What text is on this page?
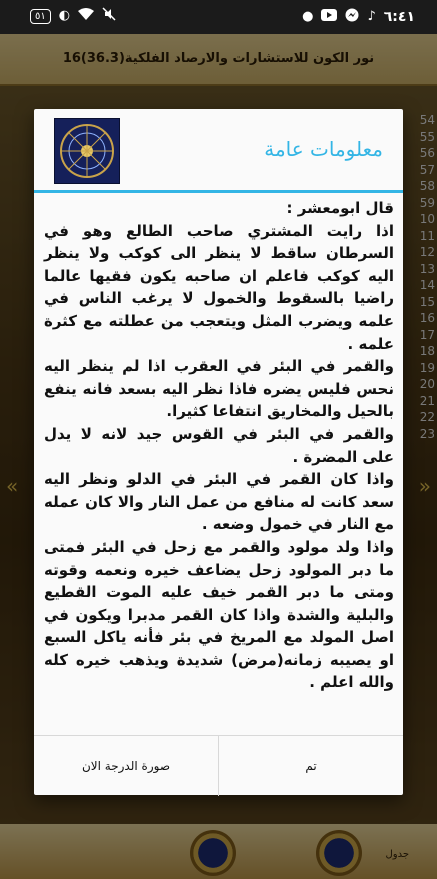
٥١	◐	●	♪ ٦:٤١
نور الكون للاستشارات والارصاد الفلكية(36.3)16
54
55
56
57
58
59
10
11
12
13
14
15
16
17
18
19
20
21
22
23
«	»
جدول
معلومات عامة
قال ابومعشر :
اذا رايت المشتري صاحب الطالع وهو في السرطان ساقط لا ينظر الى كوكب ولا ينظر اليه كوكب فاعلم ان صاحبه يكون فقيها عالما راضيا بالسقوط والخمول لا يرغب الناس في علمه ويضرب المثل ويتعجب من عطلته مع كثرة علمه .
والقمر في البئر في العقرب اذا لم ينظر اليه نحس فليس يضره فاذا نظر اليه بسعد فانه ينفع بالحيل والمخاريق انتفاعا كثيرا.
والقمر في البئر في القوس جيد لانه لا يدل على المضرة .
واذا كان القمر في البئر في الدلو ونظر اليه سعد كانت له منافع من عمل النار والا كان عمله مع النار في خمول وضعه .
واذا ولد مولود والقمر مع زحل في البئر فمتى ما دبر المولود زحل يضاعف خيره ونعمه وقوته ومتى ما دبر القمر خيف عليه الموت القطيع والبلية والشدة واذا كان القمر مدبرا ويكون في اصل المولد مع المريخ في بئر فأنه ياكل السبع او يصيبه زمانه(مرض) شديدة ويذهب خيره كله والله اعلم .
صورة الدرجة الان	تم
